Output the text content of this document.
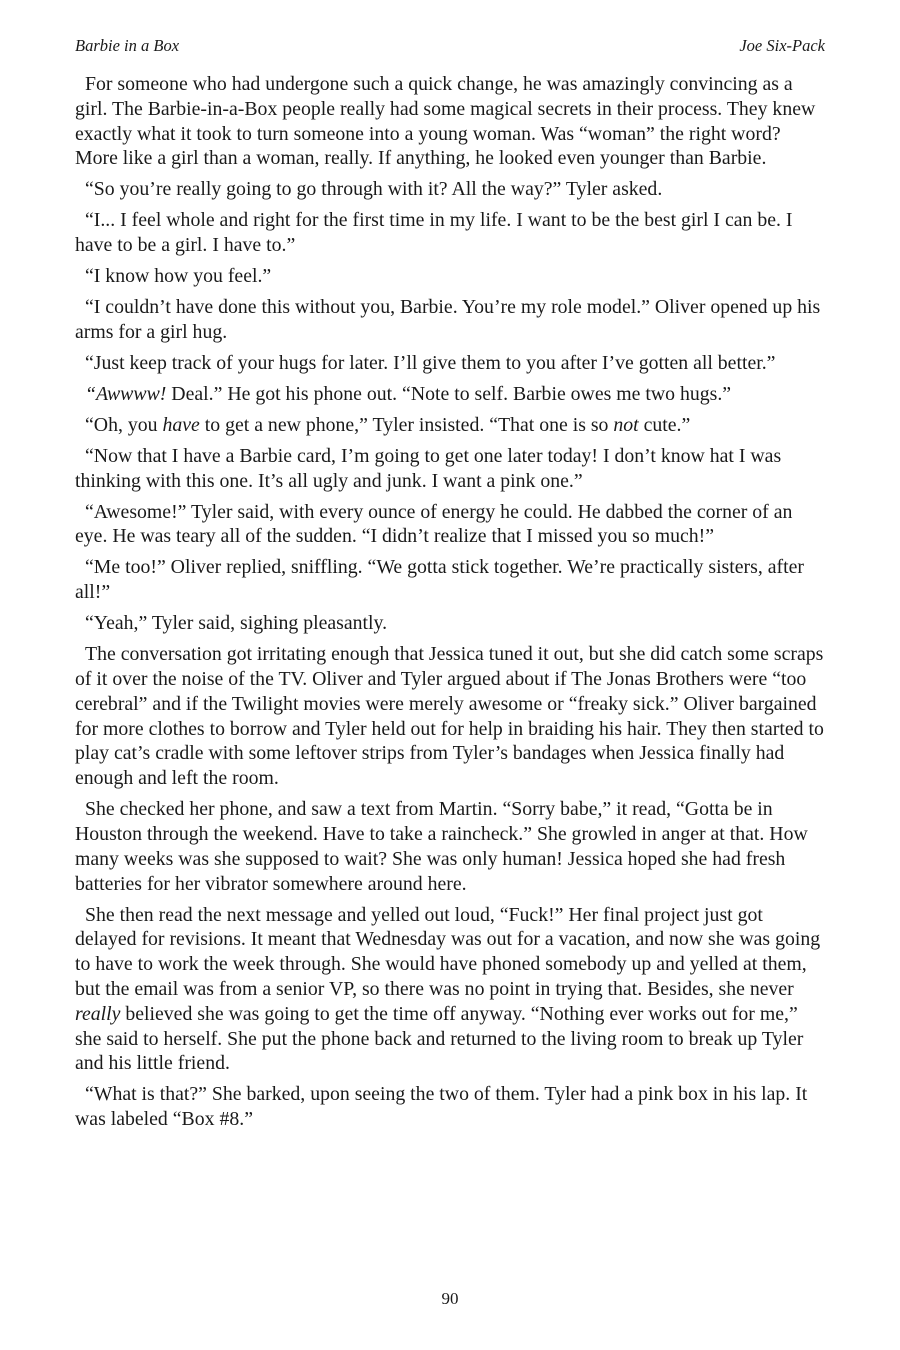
Barbie in a Box	Joe Six-Pack

For someone who had undergone such a quick change, he was amazingly convincing as a girl. The Barbie-in-a-Box people really had some magical secrets in their process. They knew exactly what it took to turn someone into a young woman. Was “woman” the right word? More like a girl than a woman, really. If anything, he looked even younger than Barbie.

“So you’re really going to go through with it? All the way?” Tyler asked.

“I... I feel whole and right for the first time in my life. I want to be the best girl I can be. I have to be a girl. I have to.”

“I know how you feel.”

“I couldn’t have done this without you, Barbie. You’re my role model.” Oliver opened up his arms for a girl hug.

“Just keep track of your hugs for later. I’ll give them to you after I’ve gotten all better.”

“Awwww! Deal.” He got his phone out. “Note to self. Barbie owes me two hugs.”

“Oh, you have to get a new phone,” Tyler insisted. “That one is so not cute.”

“Now that I have a Barbie card, I’m going to get one later today! I don’t know hat I was thinking with this one. It’s all ugly and junk. I want a pink one.”

“Awesome!” Tyler said, with every ounce of energy he could. He dabbed the corner of an eye. He was teary all of the sudden. “I didn’t realize that I missed you so much!”

“Me too!” Oliver replied, sniffling. “We gotta stick together. We’re practically sisters, after all!”

“Yeah,” Tyler said, sighing pleasantly.

The conversation got irritating enough that Jessica tuned it out, but she did catch some scraps of it over the noise of the TV. Oliver and Tyler argued about if The Jonas Brothers were “too cerebral” and if the Twilight movies were merely awesome or “freaky sick.” Oliver bargained for more clothes to borrow and Tyler held out for help in braiding his hair. They then started to play cat’s cradle with some leftover strips from Tyler’s bandages when Jessica finally had enough and left the room.

She checked her phone, and saw a text from Martin. “Sorry babe,” it read, “Gotta be in Houston through the weekend. Have to take a raincheck.” She growled in anger at that. How many weeks was she supposed to wait? She was only human! Jessica hoped she had fresh batteries for her vibrator somewhere around here.

She then read the next message and yelled out loud, “Fuck!” Her final project just got delayed for revisions. It meant that Wednesday was out for a vacation, and now she was going to have to work the week through. She would have phoned somebody up and yelled at them, but the email was from a senior VP, so there was no point in trying that. Besides, she never really believed she was going to get the time off anyway. “Nothing ever works out for me,” she said to herself. She put the phone back and returned to the living room to break up Tyler and his little friend.

“What is that?” She barked, upon seeing the two of them. Tyler had a pink box in his lap. It was labeled “Box #8.”

90
